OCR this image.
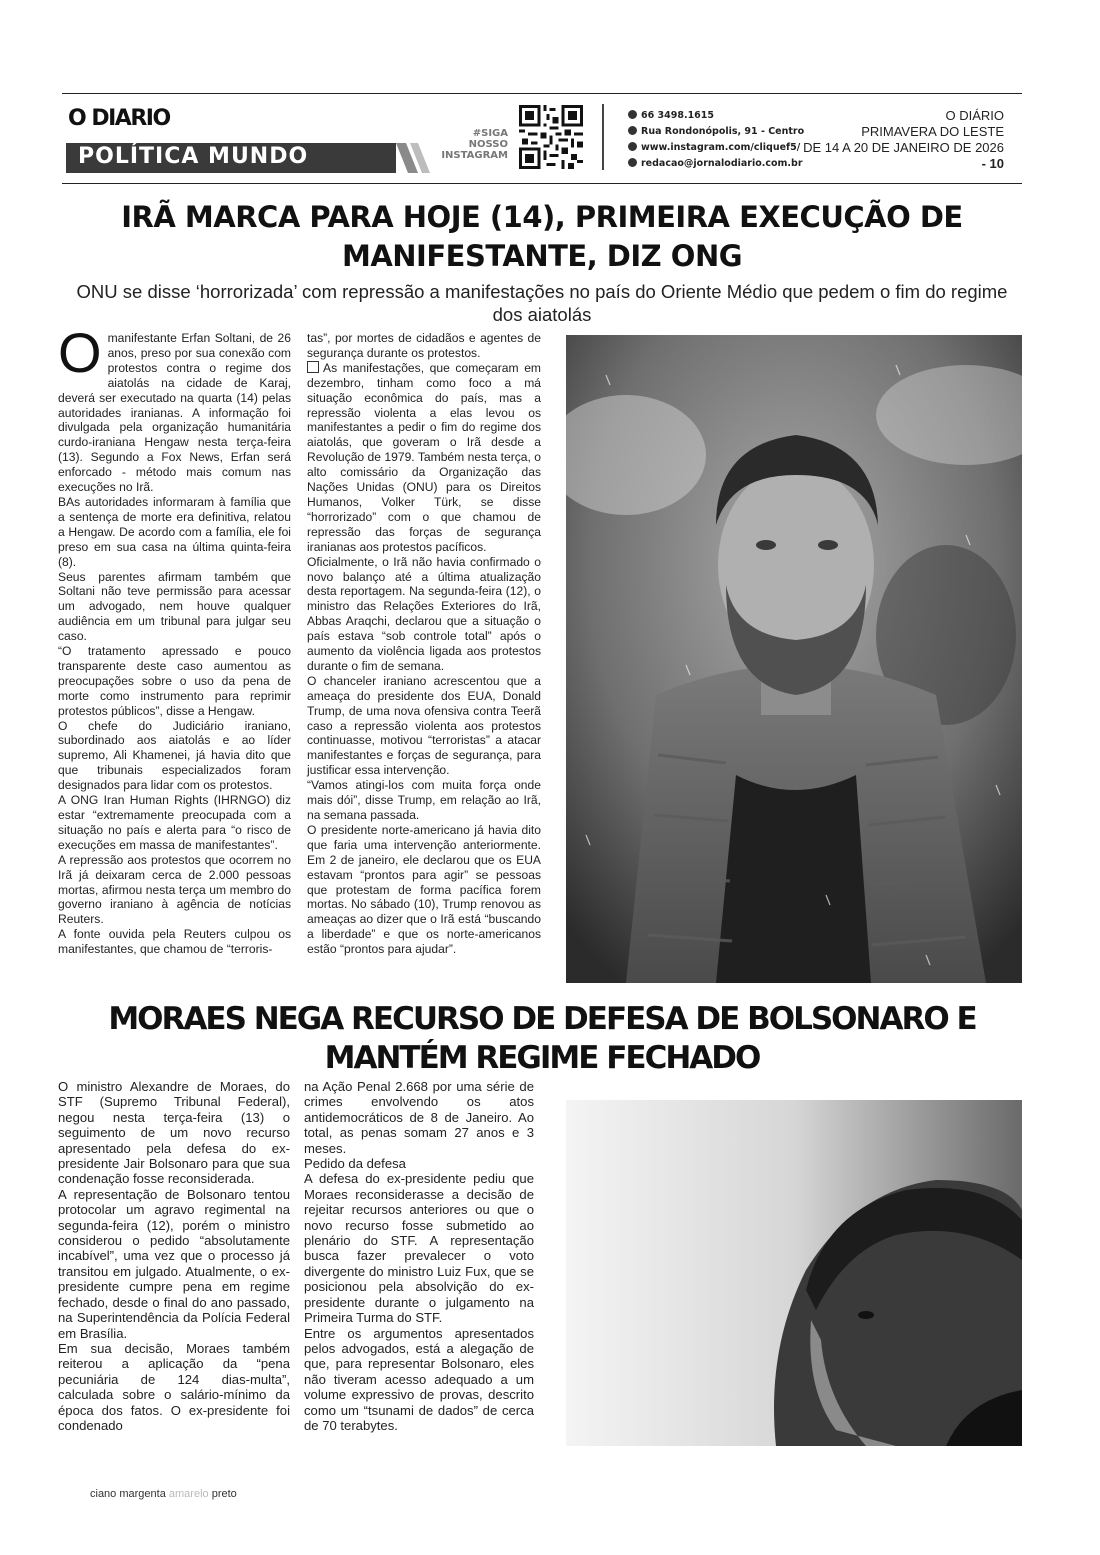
O DIARIO
POLÍTICA MUNDO
#SIGA
NOSSO
INSTAGRAM
66 3498.1615
Rua Rondonópolis, 91 - Centro
www.instagram.com/cliquef5/
redacao@jornalodiario.com.br
O DIÁRIO
PRIMAVERA DO LESTE
DE 14 A 20 DE JANEIRO DE 2026
- 10
IRÃ MARCA PARA HOJE (14), PRIMEIRA EXECUÇÃO DE MANIFESTANTE, DIZ ONG
ONU se disse ‘horrorizada’ com repressão a manifestações no país do Oriente Médio que pedem o fim do regime dos aiatolás
O manifestante Erfan Soltani, de 26 anos, preso por sua conexão com protestos contra o regime dos aiatolás na cidade de Karaj, deverá ser executado na quarta (14) pelas autoridades iranianas. A informação foi divulgada pela organização humanitária curdo-iraniana Hengaw nesta terça-feira (13). Segundo a Fox News, Erfan será enforcado - método mais comum nas execuções no Irã.

BAs autoridades informaram à família que a sentença de morte era definitiva, relatou a Hengaw. De acordo com a família, ele foi preso em sua casa na última quinta-feira (8).

Seus parentes afirmam também que Soltani não teve permissão para acessar um advogado, nem houve qualquer audiência em um tribunal para julgar seu caso.

“O tratamento apressado e pouco transparente deste caso aumentou as preocupações sobre o uso da pena de morte como instrumento para reprimir protestos públicos”, disse a Hengaw.

O chefe do Judiciário iraniano, subordinado aos aiatolás e ao líder supremo, Ali Khamenei, já havia dito que que tribunais especializados foram designados para lidar com os protestos.

A ONG Iran Human Rights (IHRNGO) diz estar “extremamente preocupada com a situação no país e alerta para “o risco de execuções em massa de manifestantes”.

A repressão aos protestos que ocorrem no Irã já deixaram cerca de 2.000 pessoas mortas, afirmou nesta terça um membro do governo iraniano à agência de notícias Reuters.

A fonte ouvida pela Reuters culpou os manifestantes, que chamou de “terroris-

tas”, por mortes de cidadãos e agentes de segurança durante os protestos.

As manifestações, que começaram em dezembro, tinham como foco a má situação econômica do país, mas a repressão violenta a elas levou os manifestantes a pedir o fim do regime dos aiatolás, que goveram o Irã desde a Revolução de 1979. Também nesta terça, o alto comissário da Organização das Nações Unidas (ONU) para os Direitos Humanos, Volker Türk, se disse “horrorizado” com o que chamou de repressão das forças de segurança iranianas aos protestos pacíficos.

Oficialmente, o Irã não havia confirmado o novo balanço até a última atualização desta reportagem. Na segunda-feira (12), o ministro das Relações Exteriores do Irã, Abbas Araqchi, declarou que a situação o país estava “sob controle total” após o aumento da violência ligada aos protestos durante o fim de semana.

O chanceler iraniano acrescentou que a ameaça do presidente dos EUA, Donald Trump, de uma nova ofensiva contra Teerã caso a repressão violenta aos protestos continuasse, motivou “terroristas” a atacar manifestantes e forças de segurança, para justificar essa intervenção.

“Vamos atingi-los com muita força onde mais dói”, disse Trump, em relação ao Irã, na semana passada.

O presidente norte-americano já havia dito que faria uma intervenção anteriormente. Em 2 de janeiro, ele declarou que os EUA estavam “prontos para agir” se pessoas que protestam de forma pacífica forem mortas. No sábado (10), Trump renovou as ameaças ao dizer que o Irã está “buscando a liberdade” e que os norte-americanos estão “prontos para ajudar”.

MORAES NEGA RECURSO DE DEFESA DE BOLSONARO E MANTÉM REGIME FECHADO

O ministro Alexandre de Moraes, do STF (Supremo Tribunal Federal), negou nesta terça-feira (13) o seguimento de um novo recurso apresentado pela defesa do ex-presidente Jair Bolsonaro para que sua condenação fosse reconsiderada.

A representação de Bolsonaro tentou protocolar um agravo regimental na segunda-feira (12), porém o ministro considerou o pedido “absolutamente incabível”, uma vez que o processo já transitou em julgado. Atualmente, o ex-presidente cumpre pena em regime fechado, desde o final do ano passado, na Superintendência da Polícia Federal em Brasília.

Em sua decisão, Moraes também reiterou a aplicação da “pena pecuniária de 124 dias-multa”, calculada sobre o salário-mínimo da época dos fatos. O ex-presidente foi condenado

na Ação Penal 2.668 por uma série de crimes envolvendo os atos antidemocráticos de 8 de Janeiro. Ao total, as penas somam 27 anos e 3 meses.

Pedido da defesa

A defesa do ex-presidente pediu que Moraes reconsiderasse a decisão de rejeitar recursos anteriores ou que o novo recurso fosse submetido ao plenário do STF. A representação busca fazer prevalecer o voto divergente do ministro Luiz Fux, que se posicionou pela absolvição do ex-presidente durante o julgamento na Primeira Turma do STF.

Entre os argumentos apresentados pelos advogados, está a alegação de que, para representar Bolsonaro, eles não tiveram acesso adequado a um volume expressivo de provas, descrito como um “tsunami de dados” de cerca de 70 terabytes.

ciano margenta amarelo preto
